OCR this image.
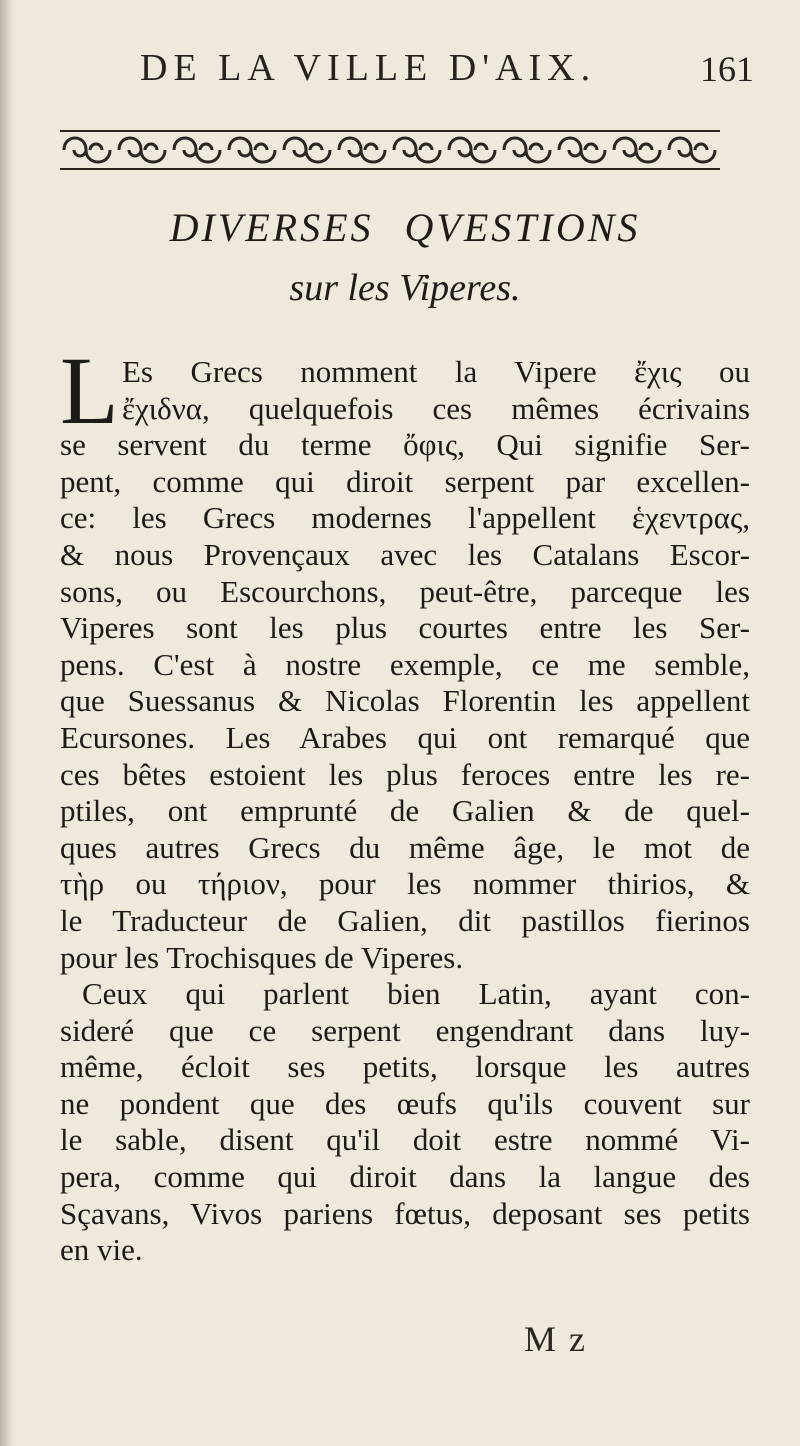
DE LA VILLE D'AIX.	161
DIVERSES QVESTIONS
sur les Viperes.
L Es Grecs nomment la Vipere ἔχις ou
ἔχιδνα, quelquefois ces mêmes écrivains
se servent du terme ὄφις, Qui signifie Ser-
pent, comme qui diroit serpent par excellen-
ce: les Grecs modernes l'appellent ἑχεντρας,
& nous Provençaux avec les Catalans Escor-
sons, ou Escourchons, peut-être, parceque les
Viperes sont les plus courtes entre les Ser-
pens. C'est à nostre exemple, ce me semble,
que Suessanus & Nicolas Florentin les appellent
Ecursones. Les Arabes qui ont remarqué que
ces bêtes estoient les plus feroces entre les re-
ptiles, ont emprunté de Galien & de quel-
ques autres Grecs du même âge, le mot de
τὴρ ou τήριον, pour les nommer thirios, &
le Traducteur de Galien, dit pastillos fierinos
pour les Trochisques de Viperes.
Ceux qui parlent bien Latin, ayant con-
sideré que ce serpent engendrant dans luy-
même, écloit ses petits, lorsque les autres
ne pondent que des œufs qu'ils couvent sur
le sable, disent qu'il doit estre nommé Vi-
pera, comme qui diroit dans la langue des
Sçavans, Vivos pariens fœtus, deposant ses petits
en vie.
M z
